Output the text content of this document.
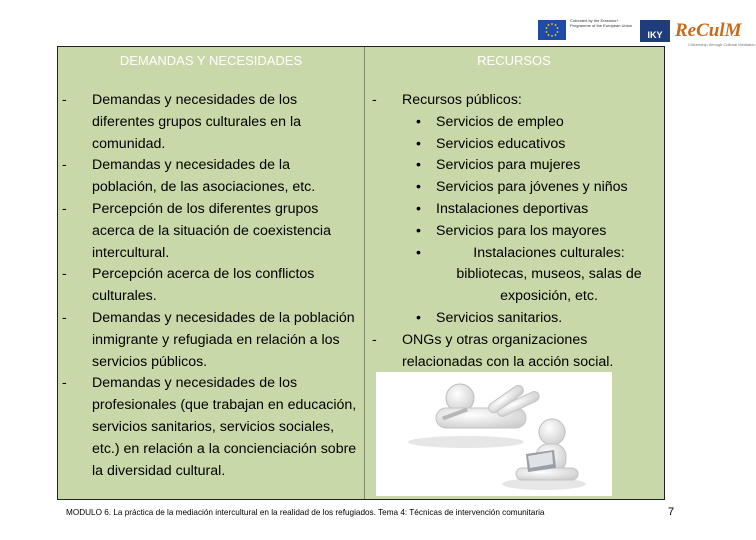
Cofunded by the Erasmus+ Programme of the European Union
IKY ReCulM
Citizenship through Cultural Mediation
DEMANDAS Y NECESIDADES
- Demandas y necesidades de los diferentes grupos culturales en la comunidad.
- Demandas y necesidades de la población, de las asociaciones, etc.
- Percepción de los diferentes grupos acerca de la situación de coexistencia intercultural.
- Percepción acerca de los conflictos culturales.
- Demandas y necesidades de la población inmigrante y refugiada en relación a los servicios públicos.
- Demandas y necesidades de los profesionales (que trabajan en educación, servicios sanitarios, servicios sociales, etc.) en relación a la concienciación sobre la diversidad cultural.
RECURSOS
-	Recursos públicos:
• Servicios de empleo
• Servicios educativos
• Servicios para mujeres
• Servicios para jóvenes y niños
• Instalaciones deportivas
• Servicios para los mayores
•	Instalaciones culturales: bibliotecas, museos, salas de exposición, etc.
• Servicios sanitarios.
- ONGs y otras organizaciones relacionadas con la acción social.
MODULO 6. La práctica de la mediación intercultural en la realidad de los refugiados. Tema 4: Técnicas de intervención comunitaria	7
